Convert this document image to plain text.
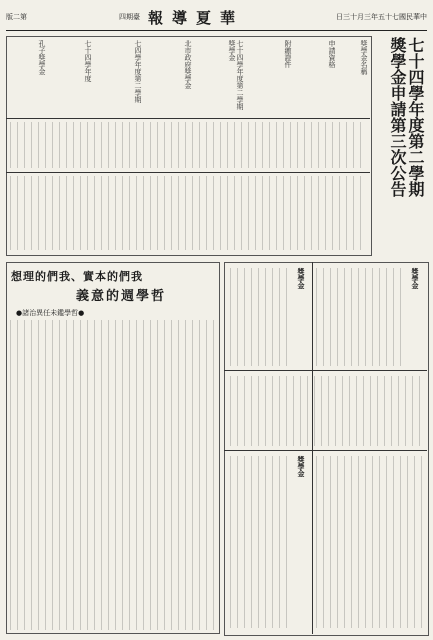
版二第	四期臺 報導夏華	日三十月三年五十七國民華中
七十四學年度第二學期
獎學金申請第三次公告
獎學金名稱
申請資格
附繳證件
七十四學年度第二學期獎學金
北市政府獎學金
七四學年度第二學期
七十四學年度
孔子獎學金
想理的們我、實本的們我
義意的週學哲
●諸治異任未鑑學哲●
獎學金
獎學金
獎學金
